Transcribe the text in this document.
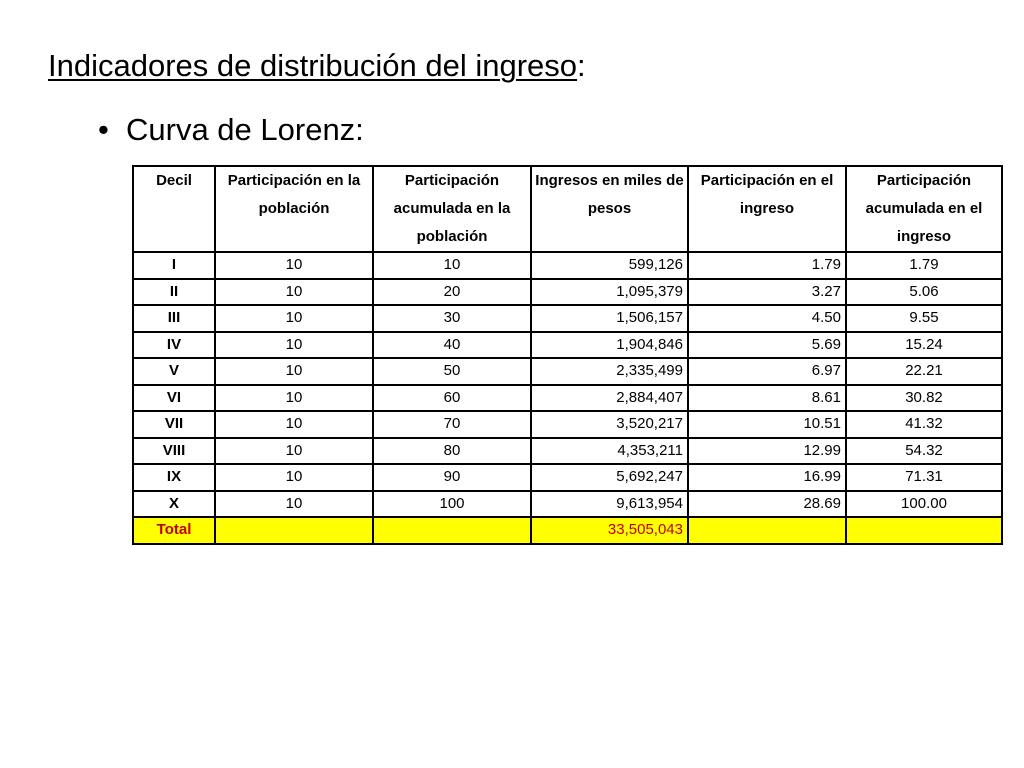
Indicadores de distribución del ingreso:
• Curva de Lorenz:
Decil	Participación en la población	Participación acumulada en la población	Ingresos en miles de pesos	Participación en el ingreso	Participación acumulada en el ingreso
I	10	10	599,126	1.79	1.79
II	10	20	1,095,379	3.27	5.06
III	10	30	1,506,157	4.50	9.55
IV	10	40	1,904,846	5.69	15.24
V	10	50	2,335,499	6.97	22.21
VI	10	60	2,884,407	8.61	30.82
VII	10	70	3,520,217	10.51	41.32
VIII	10	80	4,353,211	12.99	54.32
IX	10	90	5,692,247	16.99	71.31
X	10	100	9,613,954	28.69	100.00
Total			33,505,043		
